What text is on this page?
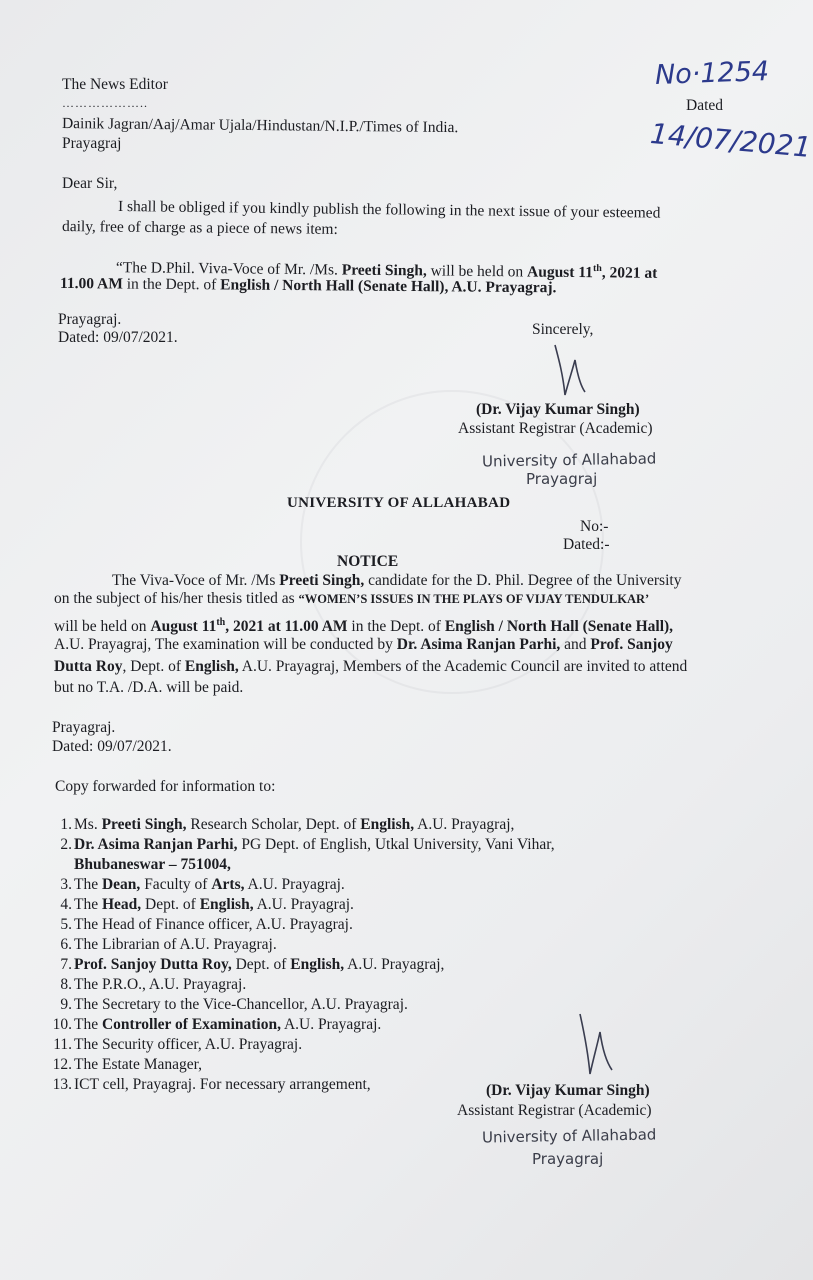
The News Editor
………………..
Dainik Jagran/Aaj/Amar Ujala/Hindustan/N.I.P./Times of India.
Prayagraj
No·1254
Dated
14/07/2021
Dear Sir,
I shall be obliged if you kindly publish the following in the next issue of your esteemed
daily, free of charge as a piece of news item:
“The D.Phil. Viva-Voce of Mr. /Ms. Preeti Singh, will be held on August 11th, 2021 at
11.00 AM in the Dept. of English / North Hall (Senate Hall), A.U. Prayagraj.
Prayagraj.
Dated: 09/07/2021.	Sincerely,
(Dr. Vijay Kumar Singh)
Assistant Registrar (Academic)
University of Allahabad
Prayagraj
UNIVERSITY OF ALLAHABAD
No:-
Dated:-
NOTICE
The Viva-Voce of Mr. /Ms Preeti Singh, candidate for the D. Phil. Degree of the University
on the subject of his/her thesis titled as “WOMEN’S ISSUES IN THE PLAYS OF VIJAY TENDULKAR’
will be held on August 11th, 2021 at 11.00 AM in the Dept. of English / North Hall (Senate Hall),
A.U. Prayagraj, The examination will be conducted by Dr. Asima Ranjan Parhi, and Prof. Sanjoy
Dutta Roy, Dept. of English, A.U. Prayagraj, Members of the Academic Council are invited to attend
but no T.A. /D.A. will be paid.
Prayagraj.
Dated: 09/07/2021.
Copy forwarded for information to:
1. Ms. Preeti Singh, Research Scholar, Dept. of English, A.U. Prayagraj,
2. Dr. Asima Ranjan Parhi, PG Dept. of English, Utkal University, Vani Vihar,
Bhubaneswar – 751004,
3. The Dean, Faculty of Arts, A.U. Prayagraj.
4. The Head, Dept. of English, A.U. Prayagraj.
5. The Head of Finance officer, A.U. Prayagraj.
6. The Librarian of A.U. Prayagraj.
7. Prof. Sanjoy Dutta Roy, Dept. of English, A.U. Prayagraj,
8. The P.R.O., A.U. Prayagraj.
9. The Secretary to the Vice-Chancellor, A.U. Prayagraj.
10. The Controller of Examination, A.U. Prayagraj.
11. The Security officer, A.U. Prayagraj.
12. The Estate Manager,
13. ICT cell, Prayagraj. For necessary arrangement,	(Dr. Vijay Kumar Singh)
Assistant Registrar (Academic)
University of Allahabad
Prayagraj
